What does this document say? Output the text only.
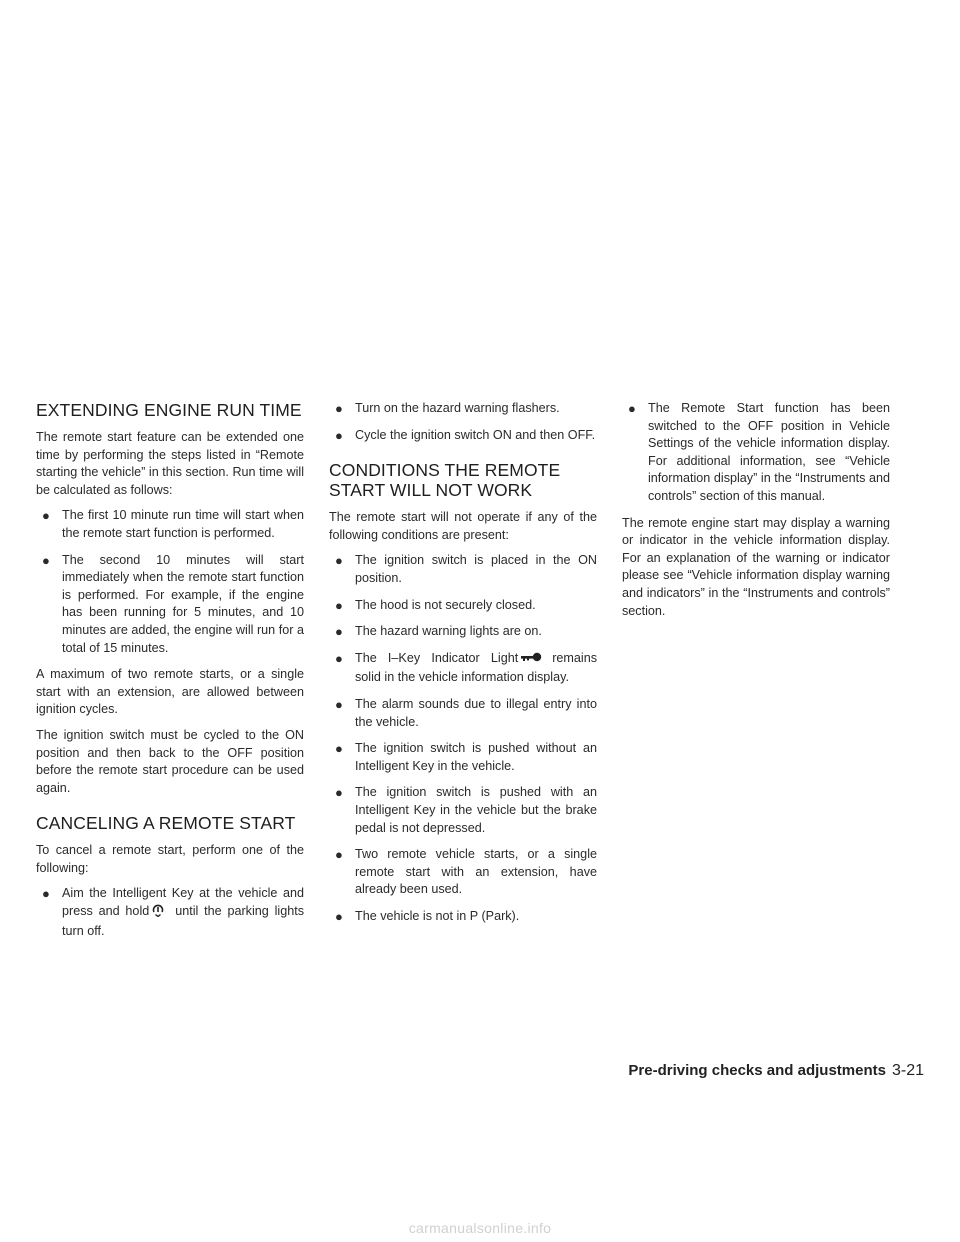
EXTENDING ENGINE RUN TIME

The remote start feature can be extended one time by performing the steps listed in “Remote starting the vehicle” in this section. Run time will be calculated as follows:

● The first 10 minute run time will start when the remote start function is performed.
● The second 10 minutes will start immediately when the remote start function is performed. For example, if the engine has been running for 5 minutes, and 10 minutes are added, the engine will run for a total of 15 minutes.

A maximum of two remote starts, or a single start with an extension, are allowed between ignition cycles.

The ignition switch must be cycled to the ON position and then back to the OFF position before the remote start procedure can be used again.

CANCELING A REMOTE START

To cancel a remote start, perform one of the following:

● Aim the Intelligent Key at the vehicle and press and hold until the parking lights turn off.
● Turn on the hazard warning flashers.
● Cycle the ignition switch ON and then OFF.
CONDITIONS THE REMOTE START WILL NOT WORK

The remote start will not operate if any of the following conditions are present:

● The ignition switch is placed in the ON position.
● The hood is not securely closed.
● The hazard warning lights are on.
● The I–Key Indicator Light	remains solid in the vehicle information display.
● The alarm sounds due to illegal entry into the vehicle.
● The ignition switch is pushed without an Intelligent Key in the vehicle.
● The ignition switch is pushed with an Intelligent Key in the vehicle but the brake pedal is not depressed.
● Two remote vehicle starts, or a single remote start with an extension, have already been used.
● The vehicle is not in P (Park).
● The Remote Start function has been switched to the OFF position in Vehicle Settings of the vehicle information display. For additional information, see “Vehicle information display” in the “Instruments and controls” section of this manual.

The remote engine start may display a warning or indicator in the vehicle information display. For an explanation of the warning or indicator please see “Vehicle information display warning and indicators” in the “Instruments and controls” section.

Pre-driving checks and adjustments 3-21
carmanualsonline.info
